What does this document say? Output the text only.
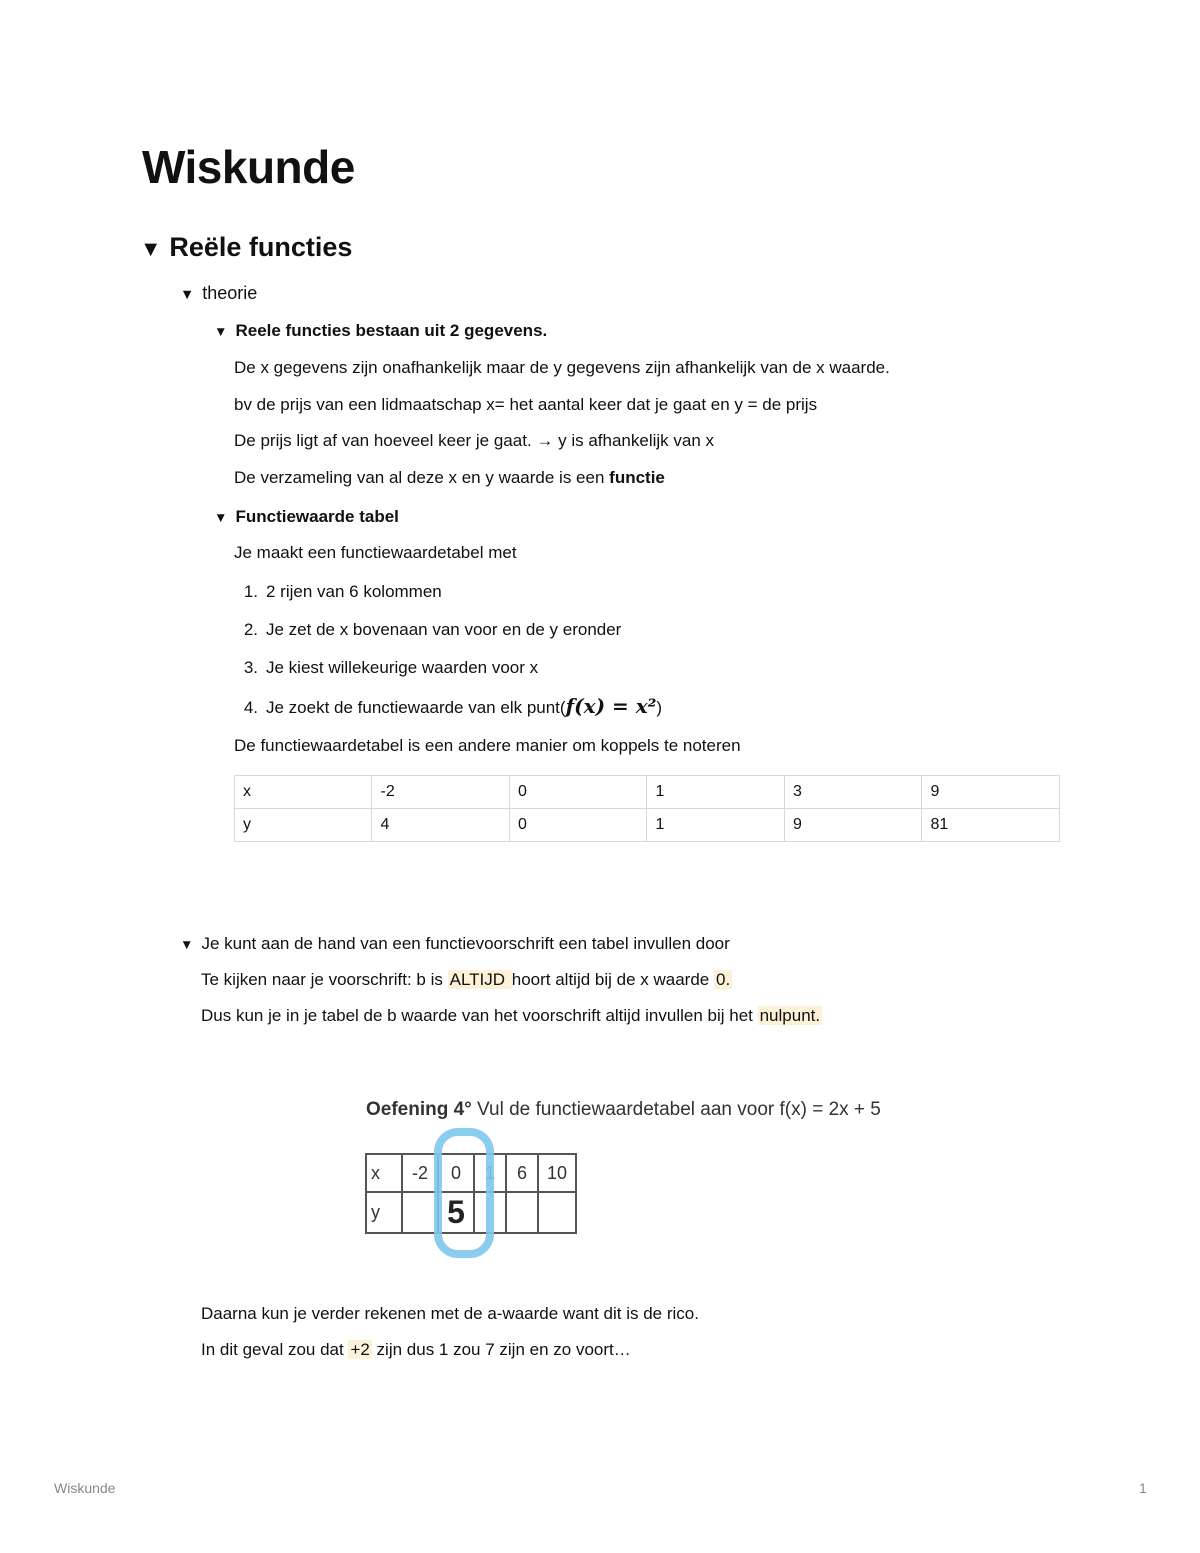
Wiskunde
▼ Reële functies
▼ theorie
▼ Reele functies bestaan uit 2 gegevens.
De x gegevens zijn onafhankelijk maar de y gegevens zijn afhankelijk van de x waarde.
bv de prijs van een lidmaatschap x= het aantal keer dat je gaat en y = de prijs
De prijs ligt af van hoeveel keer je gaat. → y is afhankelijk van x
De verzameling van al deze x en y waarde is een functie
▼ Functiewaarde tabel
Je maakt een functiewaardetabel met
1. 2 rijen van 6 kolommen
2. Je zet de x bovenaan van voor en de y eronder
3. Je kiest willekeurige waarden voor x
4. Je zoekt de functiewaarde van elk punt(f(x) = x²)
De functiewaardetabel is een andere manier om koppels te noteren
x	-2	0	1	3	9
y	4	0	1	9	81
▼ Je kunt aan de hand van een functievoorschrift een tabel invullen door
Te kijken naar je voorschrift: b is ALTIJD hoort altijd bij de x waarde 0.
Dus kun je in je tabel de b waarde van het voorschrift altijd invullen bij het nulpunt.
Oefening 4° Vul de functiewaardetabel aan voor f(x) = 2x + 5
x	-2	0	1	6	10
y		5			
Daarna kun je verder rekenen met de a-waarde want dit is de rico.
In dit geval zou dat +2 zijn dus 1 zou 7 zijn en zo voort…
Wiskunde	1
